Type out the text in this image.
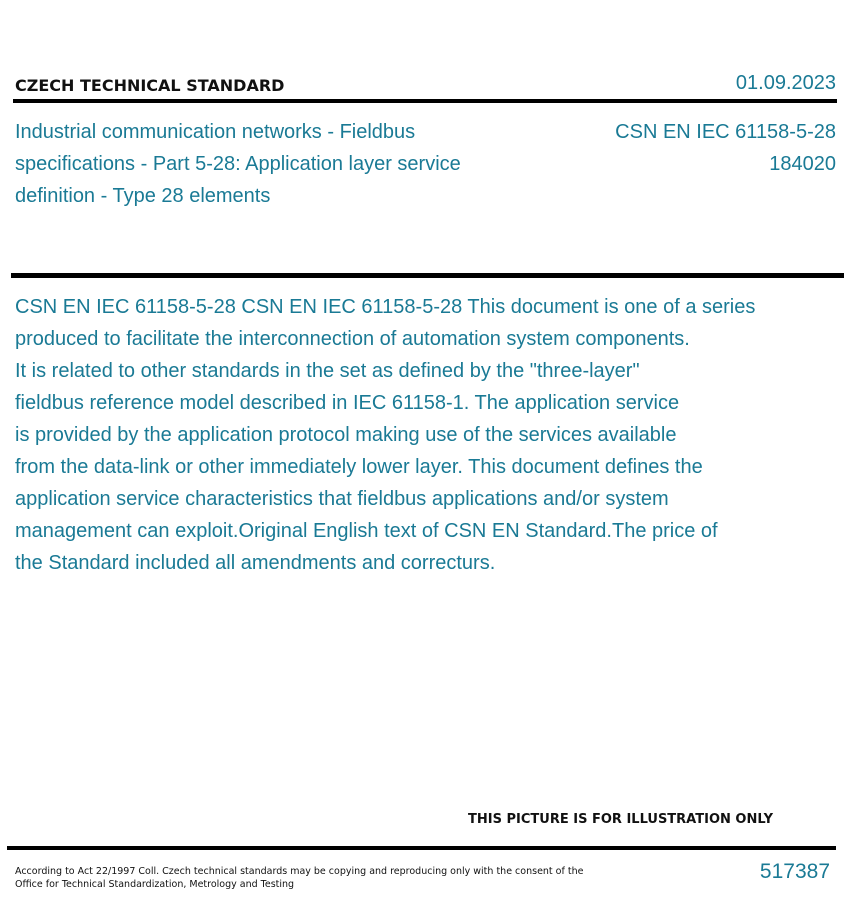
CZECH TECHNICAL STANDARD	01.09.2023
Industrial communication networks - Fieldbus specifications - Part 5-28: Application layer service definition - Type 28 elements
CSN EN IEC 61158-5-28
184020
CSN EN IEC 61158-5-28 CSN EN IEC 61158-5-28 This document is one of a series
produced to facilitate the interconnection of automation system components.
It is related to other standards in the set as defined by the "three-layer"
fieldbus reference model described in IEC 61158-1. The application service
is provided by the application protocol making use of the services available
from the data-link or other immediately lower layer. This document defines the
application service characteristics that fieldbus applications and/or system
management can exploit.Original English text of CSN EN Standard.The price of
the Standard included all amendments and correcturs.
THIS PICTURE IS FOR ILLUSTRATION ONLY
According to Act 22/1997 Coll. Czech technical standards may be copying and reproducing only with the consent of the Office for Technical Standardization, Metrology and Testing
517387
